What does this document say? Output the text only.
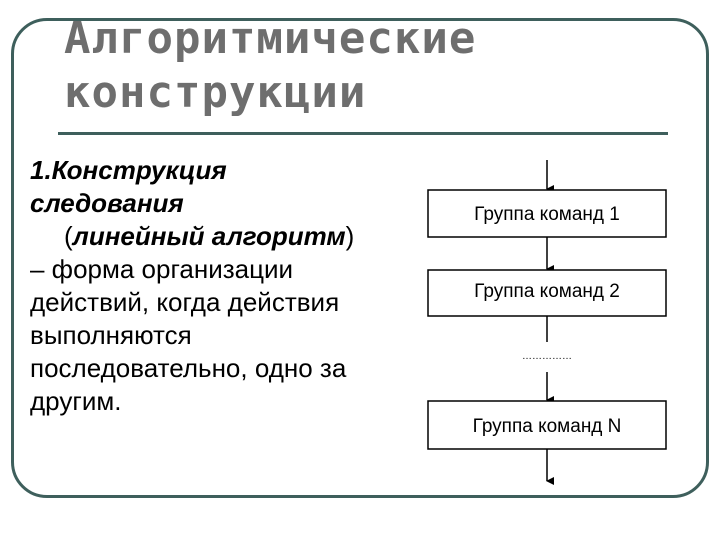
Алгоритмические
конструкции
1.Конструкция
следования
(линейный алгоритм)
– форма организации
действий, когда действия
выполняются
последовательно, одно за
другим.
Группа команд 1
Группа команд 2
……………
Группа команд N
